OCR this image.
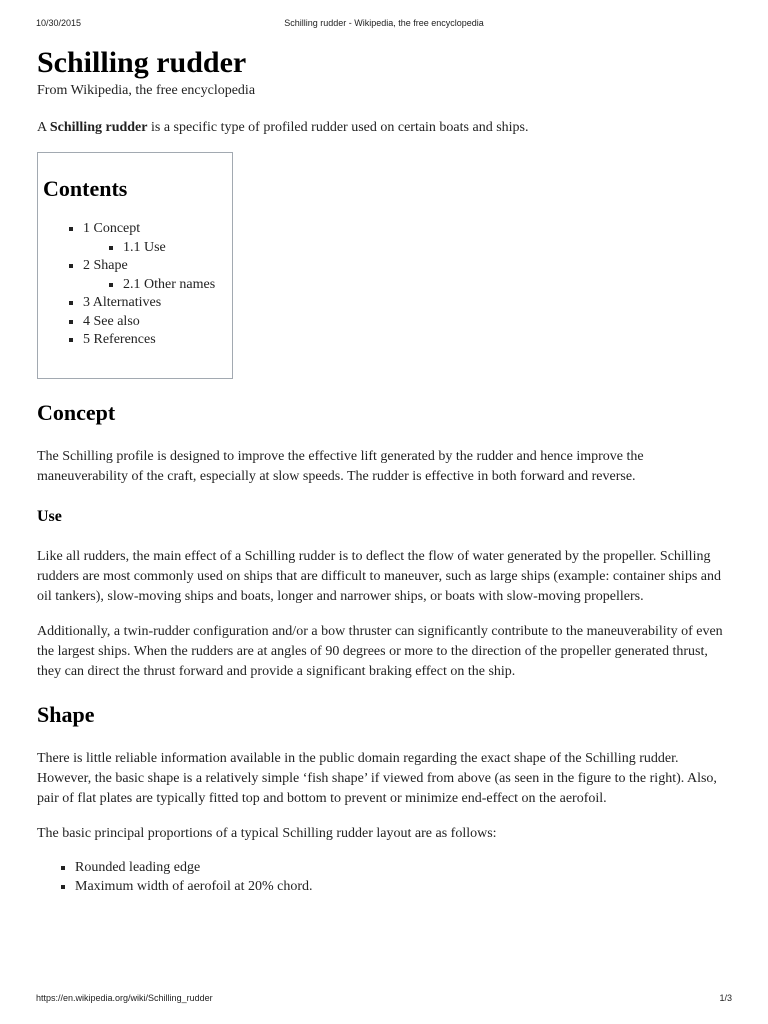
10/30/2015	Schilling rudder - Wikipedia, the free encyclopedia
Schilling rudder
From Wikipedia, the free encyclopedia

A Schilling rudder is a specific type of profiled rudder used on certain boats and ships.

Contents
▪ 1 Concept
▪ 1.1 Use
▪ 2 Shape
▪ 2.1 Other names
▪ 3 Alternatives
▪ 4 See also
▪ 5 References
Concept

The Schilling profile is designed to improve the effective lift generated by the rudder and hence improve the maneuverability of the craft, especially at slow speeds. The rudder is effective in both forward and reverse.

Use

Like all rudders, the main effect of a Schilling rudder is to deflect the flow of water generated by the propeller. Schilling rudders are most commonly used on ships that are difficult to maneuver, such as large ships (example: container ships and oil tankers), slow-moving ships and boats, longer and narrower ships, or boats with slow-moving propellers.

Additionally, a twin-rudder configuration and/or a bow thruster can significantly contribute to the maneuverability of even the largest ships. When the rudders are at angles of 90 degrees or more to the direction of the propeller generated thrust, they can direct the thrust forward and provide a significant braking effect on the ship.

Shape

There is little reliable information available in the public domain regarding the exact shape of the Schilling rudder. However, the basic shape is a relatively simple ‘fish shape’ if viewed from above (as seen in the figure to the right). Also, pair of flat plates are typically fitted top and bottom to prevent or minimize end-effect on the aerofoil.

The basic principal proportions of a typical Schilling rudder layout are as follows:

▪ Rounded leading edge
▪ Maximum width of aerofoil at 20% chord.
https://en.wikipedia.org/wiki/Schilling_rudder	1/3
